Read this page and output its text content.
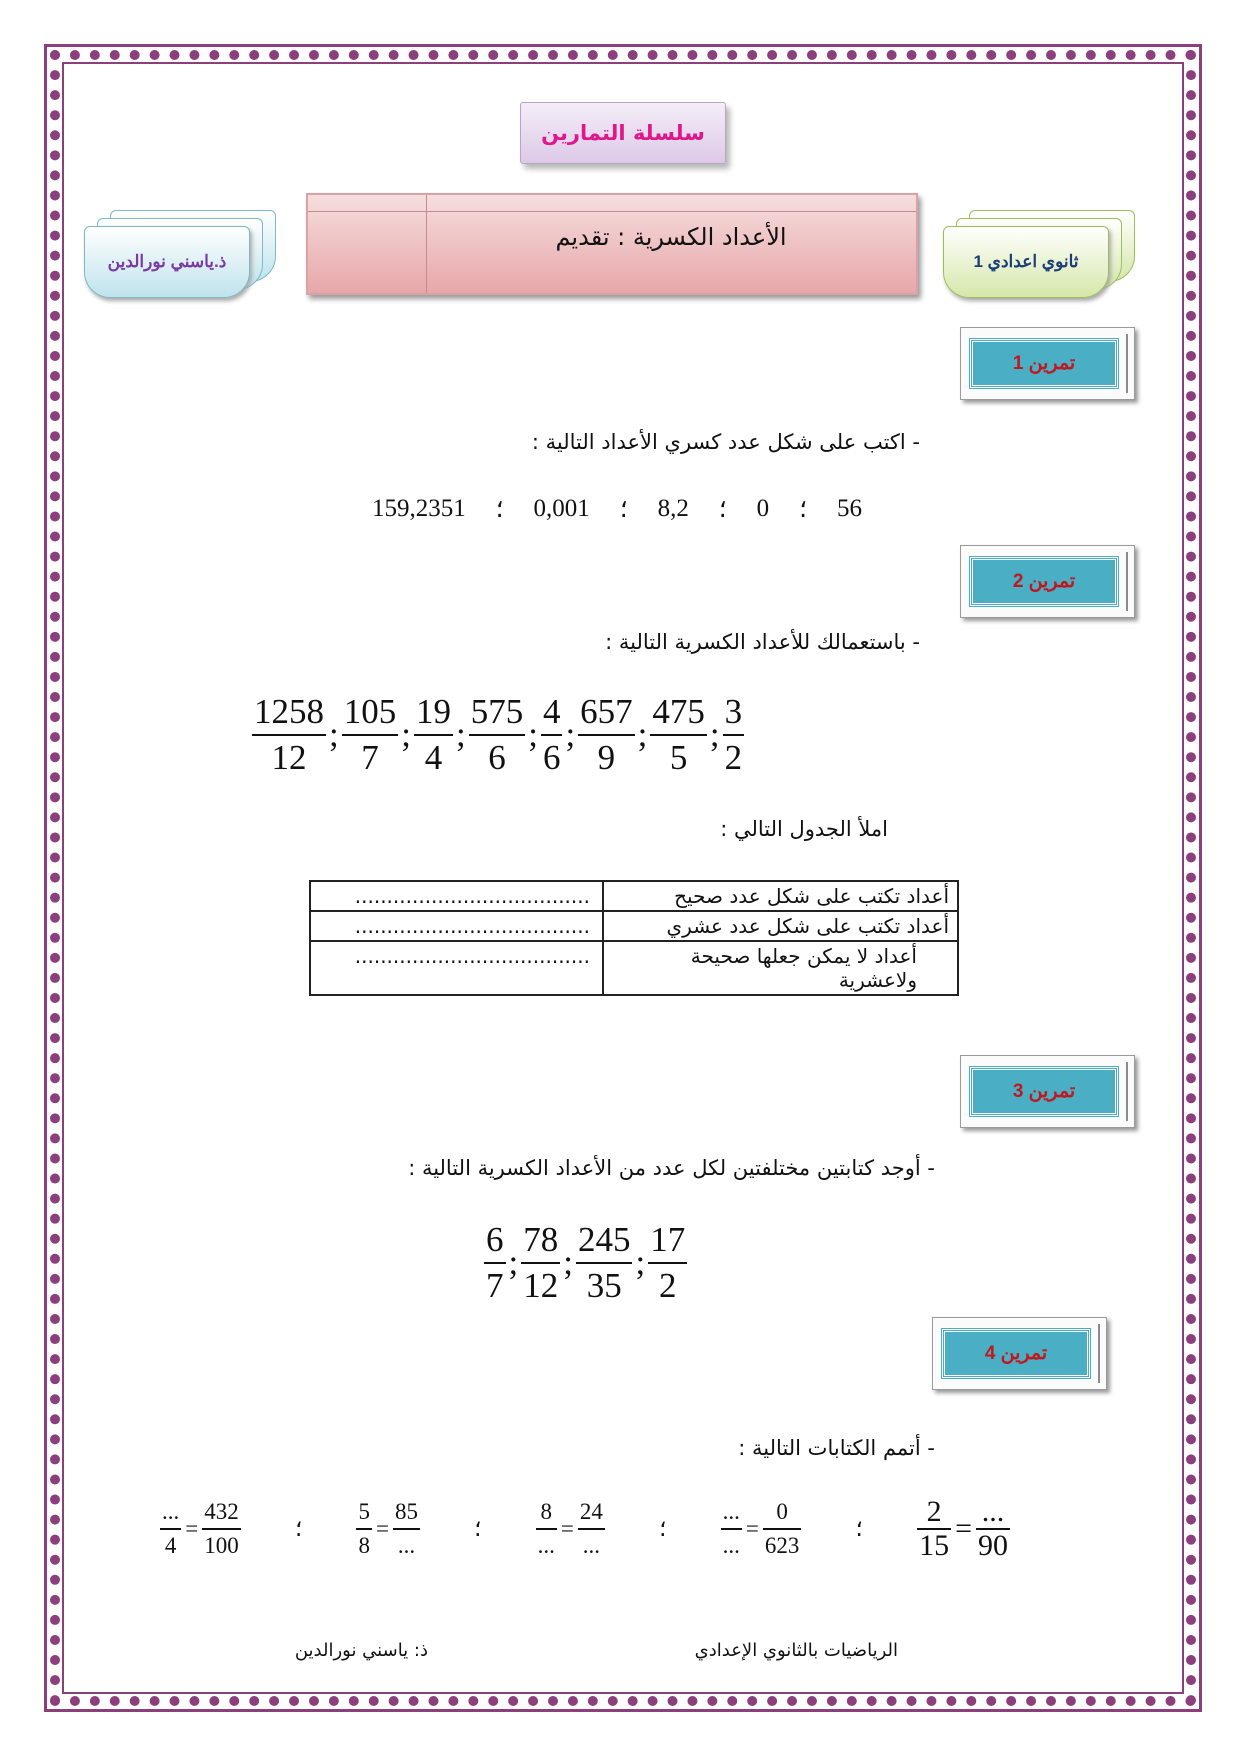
سلسلة التمارين
ذ.ياسني نورالدين
الأعداد الكسرية : تقديم
1 ثانوي اعدادي
تمرين 1
- اكتب على شكل عدد كسري الأعداد التالية :
159,2351 ؛ 0,001 ؛ 8,2 ؛ 0 ؛ 56
تمرين 2
- باستعمالك للأعداد الكسرية التالية :
$\frac{1258}{12}$ ; $\frac{105}{7}$ ; $\frac{19}{4}$ ; $\frac{575}{6}$ ; $\frac{4}{6}$ ; $\frac{657}{9}$ ; $\frac{475}{5}$ ; $\frac{3}{2}$
املأ الجدول التالي :
أعداد تكتب على شكل عدد صحيح	.....................................
أعداد تكتب على شكل عدد عشري	.....................................
أعداد لا يمكن جعلها صحيحة ولاعشرية	.....................................
تمرين 3
- أوجد كتابتين مختلفتين لكل عدد من الأعداد الكسرية التالية :
$\frac{6}{7}$ ; $\frac{78}{12}$ ; $\frac{245}{35}$ ; $\frac{17}{2}$
تمرين 4
- أتمم الكتابات التالية :
$\frac{...}{4} = \frac{432}{100}$ ؛ $\frac{5}{8} = \frac{85}{...}$ ؛ $\frac{8}{...} = \frac{24}{...}$ ؛ $\frac{...}{...} = \frac{0}{623}$ ؛ $\frac{2}{15} = \frac{...}{90}$
ذ: ياسني نورالدين	الرياضيات بالثانوي الإعدادي
